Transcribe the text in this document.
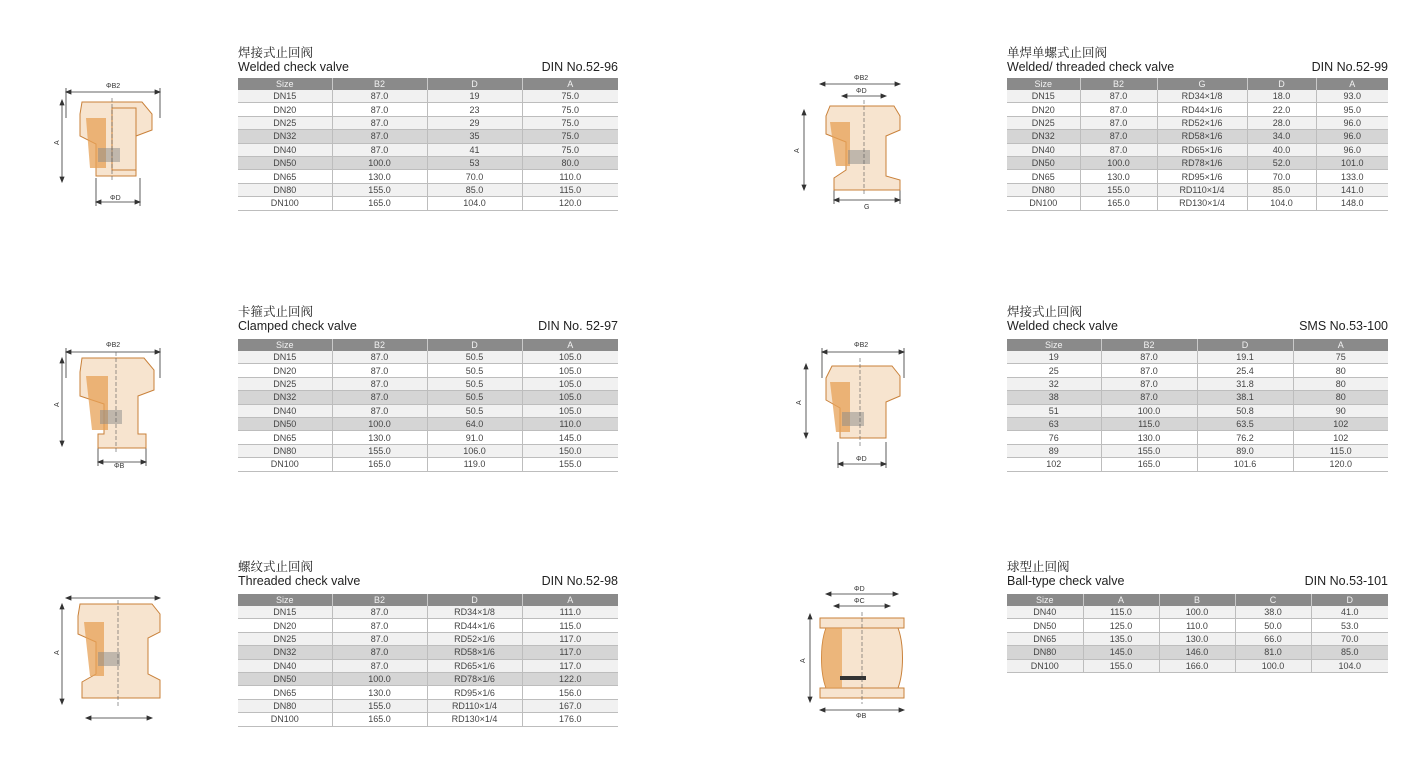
ΦB2
A
ΦD
焊接式止回阀
Welded check valve	DIN No.52-96
Size	B2	D	A
DN15	87.0	19	75.0
DN20	87.0	23	75.0
DN25	87.0	29	75.0
DN32	87.0	35	75.0
DN40	87.0	41	75.0
DN50	100.0	53	80.0
DN65	130.0	70.0	110.0
DN80	155.0	85.0	115.0
DN100	165.0	104.0	120.0
ΦB2
ΦD
A
G
单焊单螺式止回阀
Welded/ threaded check valve	DIN No.52-99
Size	B2	G	D	A
DN15	87.0	RD34×1/8	18.0	93.0
DN20	87.0	RD44×1/6	22.0	95.0
DN25	87.0	RD52×1/6	28.0	96.0
DN32	87.0	RD58×1/6	34.0	96.0
DN40	87.0	RD65×1/6	40.0	96.0
DN50	100.0	RD78×1/6	52.0	101.0
DN65	130.0	RD95×1/6	70.0	133.0
DN80	155.0	RD110×1/4	85.0	141.0
DN100	165.0	RD130×1/4	104.0	148.0
ΦB2
A
ΦB
卡箍式止回阀
Clamped check valve	DIN No. 52-97
Size	B2	D	A
DN15	87.0	50.5	105.0
DN20	87.0	50.5	105.0
DN25	87.0	50.5	105.0
DN32	87.0	50.5	105.0
DN40	87.0	50.5	105.0
DN50	100.0	64.0	110.0
DN65	130.0	91.0	145.0
DN80	155.0	106.0	150.0
DN100	165.0	119.0	155.0
ΦB2
A
ΦD
焊接式止回阀
Welded check valve	SMS No.53-100
Size	B2	D	A
19	87.0	19.1	75
25	87.0	25.4	80
32	87.0	31.8	80
38	87.0	38.1	80
51	100.0	50.8	90
63	115.0	63.5	102
76	130.0	76.2	102
89	155.0	89.0	115.0
102	165.0	101.6	120.0
A
螺纹式止回阀
Threaded check valve	DIN No.52-98
Size	B2	D	A
DN15	87.0	RD34×1/8	111.0
DN20	87.0	RD44×1/6	115.0
DN25	87.0	RD52×1/6	117.0
DN32	87.0	RD58×1/6	117.0
DN40	87.0	RD65×1/6	117.0
DN50	100.0	RD78×1/6	122.0
DN65	130.0	RD95×1/6	156.0
DN80	155.0	RD110×1/4	167.0
DN100	165.0	RD130×1/4	176.0
ΦD
ΦC
A
ΦB
球型止回阀
Ball-type check valve	DIN No.53-101
Size	A	B	C	D
DN40	115.0	100.0	38.0	41.0
DN50	125.0	110.0	50.0	53.0
DN65	135.0	130.0	66.0	70.0
DN80	145.0	146.0	81.0	85.0
DN100	155.0	166.0	100.0	104.0
